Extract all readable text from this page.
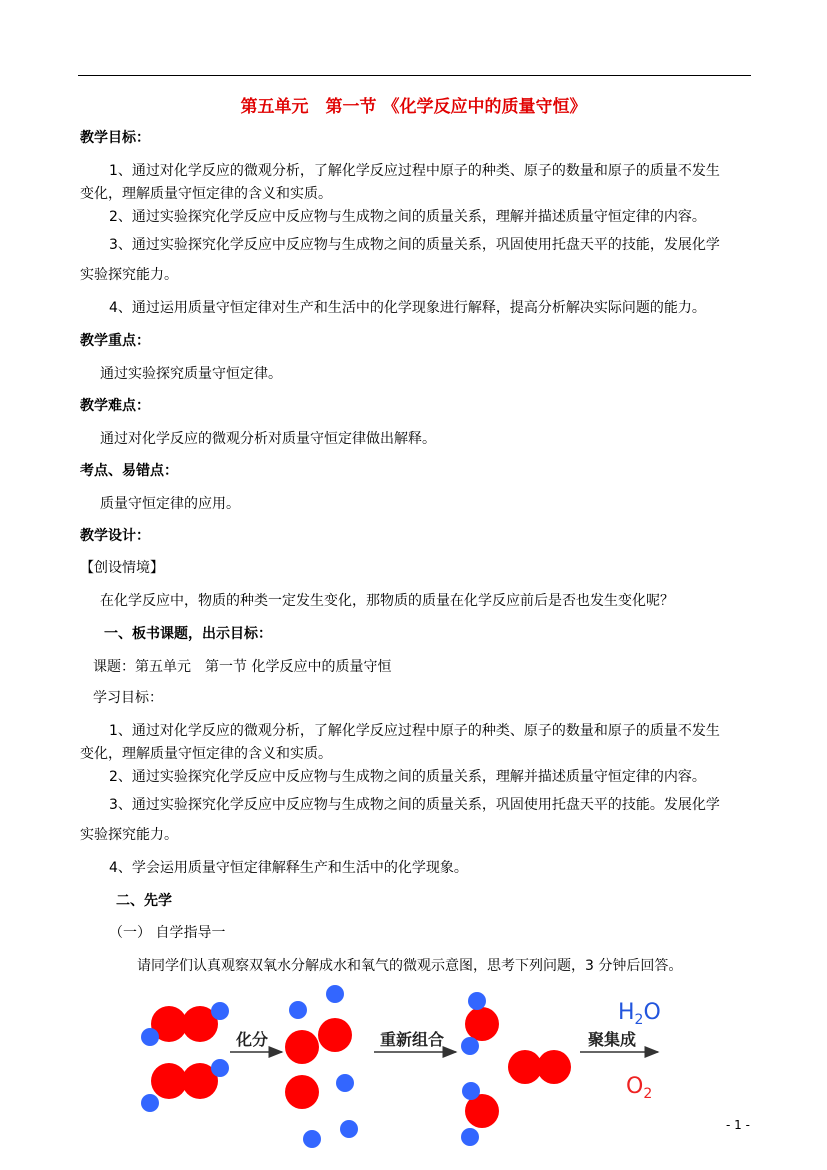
第五单元　第一节 《化学反应中的质量守恒》
教学目标：
1、通过对化学反应的微观分析，了解化学反应过程中原子的种类、原子的数量和原子的质量不发生
变化，理解质量守恒定律的含义和实质。
2、通过实验探究化学反应中反应物与生成物之间的质量关系，理解并描述质量守恒定律的内容。
3、通过实验探究化学反应中反应物与生成物之间的质量关系，巩固使用托盘天平的技能，发展化学
实验探究能力。
4、通过运用质量守恒定律对生产和生活中的化学现象进行解释，提高分析解决实际问题的能力。
教学重点：
通过实验探究质量守恒定律。
教学难点：
通过对化学反应的微观分析对质量守恒定律做出解释。
考点、易错点：
质量守恒定律的应用。
教学设计：
【创设情境】
在化学反应中，物质的种类一定发生变化，那物质的质量在化学反应前后是否也发生变化呢？
一、板书课题，出示目标：
课题：第五单元　第一节 化学反应中的质量守恒
学习目标：
1、通过对化学反应的微观分析，了解化学反应过程中原子的种类、原子的数量和原子的质量不发生
变化，理解质量守恒定律的含义和实质。
2、通过实验探究化学反应中反应物与生成物之间的质量关系，理解并描述质量守恒定律的内容。
3、通过实验探究化学反应中反应物与生成物之间的质量关系，巩固使用托盘天平的技能。发展化学
实验探究能力。
4、学会运用质量守恒定律解释生产和生活中的化学现象。
二、先学
（一） 自学指导一
请同学们认真观察双氧水分解成水和氧气的微观示意图，思考下列问题，3 分钟后回答。
化分	重新组合	聚集成
$H_2O$
$O_2$
- 1 -
